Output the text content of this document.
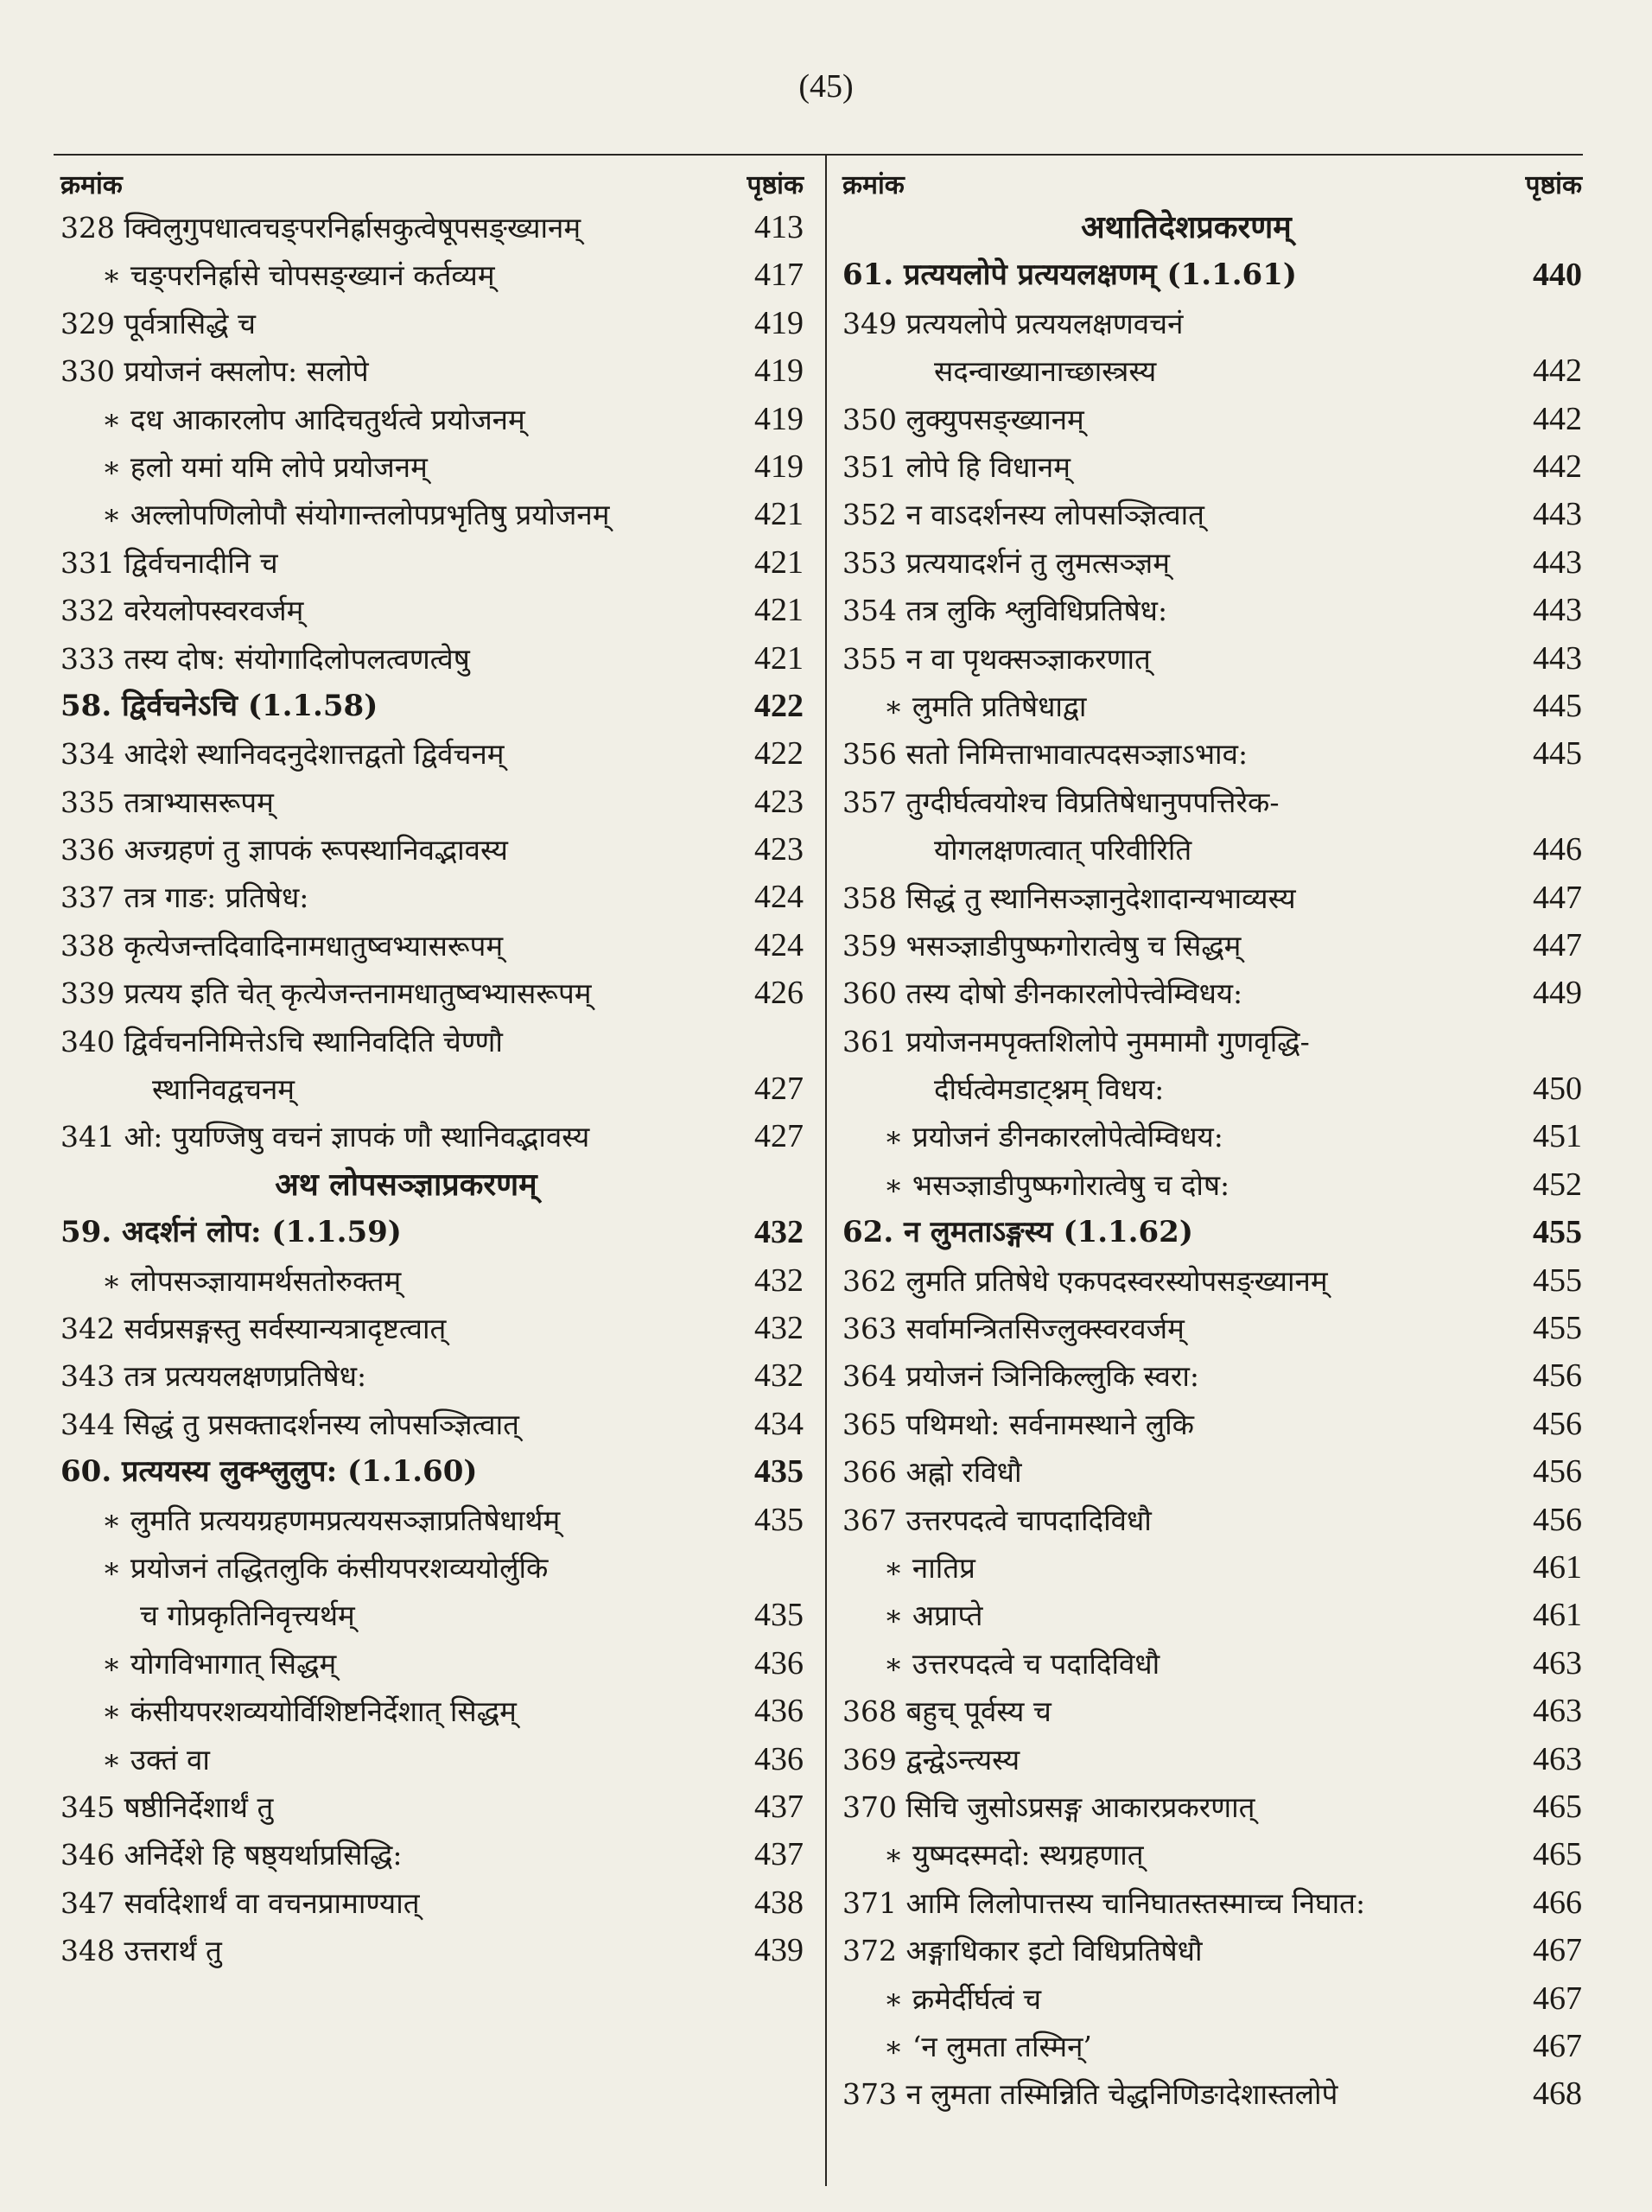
(45)
क्रमांक	पृष्ठांक
328 क्विलुगुपधात्वचङ्परनिर्ह्रासकुत्वेषूपसङ्ख्यानम्	413
∗ चङ्परनिर्ह्रासे चोपसङ्ख्यानं कर्तव्यम्	417
329 पूर्वत्रासिद्धे च	419
330 प्रयोजनं क्सलोप: सलोपे	419
∗ दध आकारलोप आदिचतुर्थत्वे प्रयोजनम्	419
∗ हलो यमां यमि लोपे प्रयोजनम्	419
∗ अल्लोपणिलोपौ संयोगान्तलोपप्रभृतिषु प्रयोजनम्	421
331 द्विर्वचनादीनि च	421
332 वरेयलोपस्वरवर्जम्	421
333 तस्य दोष: संयोगादिलोपलत्वणत्वेषु	421
58. द्विर्वचनेऽचि (1.1.58)	422
334 आदेशे स्थानिवदनुदेशात्तद्वतो द्विर्वचनम्	422
335 तत्राभ्यासरूपम्	423
336 अज्ग्रहणं तु ज्ञापकं रूपस्थानिवद्भावस्य	423
337 तत्र गाङ: प्रतिषेध:	424
338 कृत्येजन्तदिवादिनामधातुष्वभ्यासरूपम्	424
339 प्रत्यय इति चेत् कृत्येजन्तनामधातुष्वभ्यासरूपम्	426
340 द्विर्वचननिमित्तेऽचि स्थानिवदिति चेण्णौ
स्थानिवद्वचनम्	427
341 ओ: पुयण्जिषु वचनं ज्ञापकं णौ स्थानिवद्भावस्य	427
अथ लोपसञ्ज्ञाप्रकरणम्
59. अदर्शनं लोप: (1.1.59)	432
∗ लोपसञ्ज्ञायामर्थसतोरुक्तम्	432
342 सर्वप्रसङ्गस्तु सर्वस्यान्यत्रादृष्टत्वात्	432
343 तत्र प्रत्ययलक्षणप्रतिषेध:	432
344 सिद्धं तु प्रसक्तादर्शनस्य लोपसञ्ज्ञित्वात्	434
60. प्रत्ययस्य लुक्श्लुलुप: (1.1.60)	435
∗ लुमति प्रत्ययग्रहणमप्रत्ययसञ्ज्ञाप्रतिषेधार्थम्	435
∗ प्रयोजनं तद्धितलुकि कंसीयपरशव्ययोर्लुकि
च गोप्रकृतिनिवृत्त्यर्थम्	435
∗ योगविभागात् सिद्धम्	436
∗ कंसीयपरशव्ययोर्विशिष्टनिर्देशात् सिद्धम्	436
∗ उक्तं वा	436
345 षष्ठीनिर्देशार्थं तु	437
346 अनिर्देशे हि षष्ठ्यर्थाप्रसिद्धि:	437
347 सर्वादेशार्थं वा वचनप्रामाण्यात्	438
348 उत्तरार्थं तु	439
क्रमांक	पृष्ठांक
अथातिदेशप्रकरणम्
61. प्रत्ययलोपे प्रत्ययलक्षणम् (1.1.61)	440
349 प्रत्ययलोपे प्रत्ययलक्षणवचनं
सदन्वाख्यानाच्छास्त्रस्य	442
350 लुक्युपसङ्ख्यानम्	442
351 लोपे हि विधानम्	442
352 न वाऽदर्शनस्य लोपसञ्ज्ञित्वात्	443
353 प्रत्ययादर्शनं तु लुमत्सञ्ज्ञम्	443
354 तत्र लुकि श्लुविधिप्रतिषेध:	443
355 न वा पृथक्सञ्ज्ञाकरणात्	443
∗ लुमति प्रतिषेधाद्वा	445
356 सतो निमित्ताभावात्पदसञ्ज्ञाऽभाव:	445
357 तुग्दीर्घत्वयोश्च विप्रतिषेधानुपपत्तिरेक-
योगलक्षणत्वात् परिवीरिति	446
358 सिद्धं तु स्थानिसञ्ज्ञानुदेशादान्यभाव्यस्य	447
359 भसञ्ज्ञाडीपुष्फगोरात्वेषु च सिद्धम्	447
360 तस्य दोषो ङीनकारलोपेत्त्वेम्विधय:	449
361 प्रयोजनमपृक्तशिलोपे नुममामौ गुणवृद्धि-
दीर्घत्वेमडाट्श्नम् विधय:	450
∗ प्रयोजनं ङीनकारलोपेत्वेम्विधय:	451
∗ भसञ्ज्ञाडीपुष्फगोरात्वेषु च दोष:	452
62. न लुमताऽङ्गस्य (1.1.62)	455
362 लुमति प्रतिषेधे एकपदस्वरस्योपसङ्ख्यानम्	455
363 सर्वामन्त्रितसिज्लुक्स्वरवर्जम्	455
364 प्रयोजनं ञिनिकिल्लुकि स्वरा:	456
365 पथिमथो: सर्वनामस्थाने लुकि	456
366 अह्नो रविधौ	456
367 उत्तरपदत्वे चापदादिविधौ	456
∗ नातिप्र	461
∗ अप्राप्ते	461
∗ उत्तरपदत्वे च पदादिविधौ	463
368 बहुच् पूर्वस्य च	463
369 द्वन्द्वेऽन्त्यस्य	463
370 सिचि जुसोऽप्रसङ्ग आकारप्रकरणात्	465
∗ युष्मदस्मदो: स्थग्रहणात्	465
371 आमि लिलोपात्तस्य चानिघातस्तस्माच्च निघात:	466
372 अङ्गाधिकार इटो विधिप्रतिषेधौ	467
∗ क्रमेर्दीर्घत्वं च	467
∗ ‘न लुमता तस्मिन्’	467
373 न लुमता तस्मिन्निति चेद्धनिणिङादेशास्तलोपे	468
